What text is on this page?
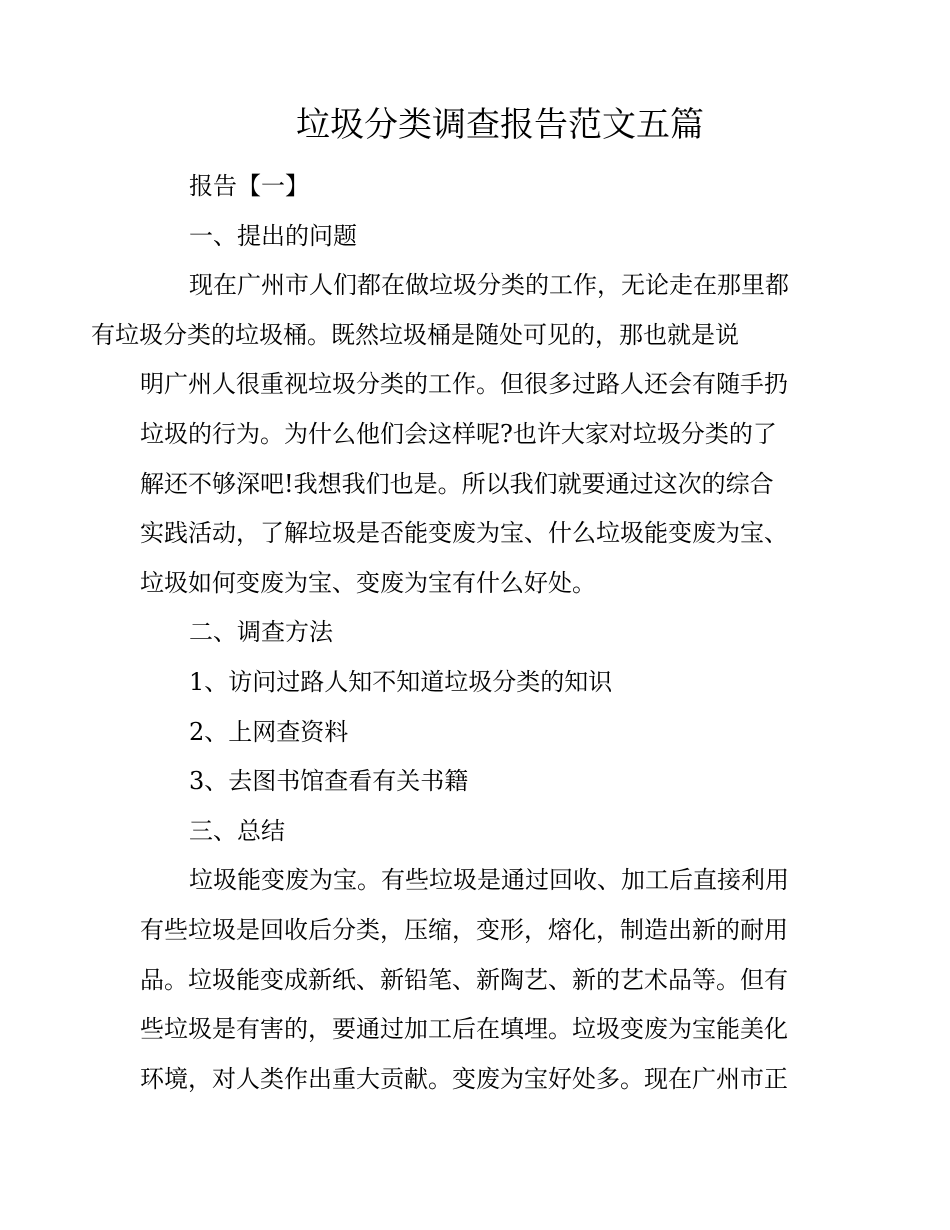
垃圾分类调查报告范文五篇

报告【一】

一、提出的问题

现在广州市人们都在做垃圾分类的工作，无论走在那里都
有垃圾分类的垃圾桶。既然垃圾桶是随处可见的，那也就是说
明广州人很重视垃圾分类的工作。但很多过路人还会有随手扔
垃圾的行为。为什么他们会这样呢?也许大家对垃圾分类的了
解还不够深吧!我想我们也是。所以我们就要通过这次的综合
实践活动，了解垃圾是否能变废为宝、什么垃圾能变废为宝、
垃圾如何变废为宝、变废为宝有什么好处。

二、调查方法

1、访问过路人知不知道垃圾分类的知识

2、上网查资料

3、去图书馆查看有关书籍

三、总结

垃圾能变废为宝。有些垃圾是通过回收、加工后直接利用
有些垃圾是回收后分类，压缩，变形，熔化，制造出新的耐用
品。垃圾能变成新纸、新铅笔、新陶艺、新的艺术品等。但有
些垃圾是有害的，要通过加工后在填埋。垃圾变废为宝能美化
环境，对人类作出重大贡献。变废为宝好处多。现在广州市正
